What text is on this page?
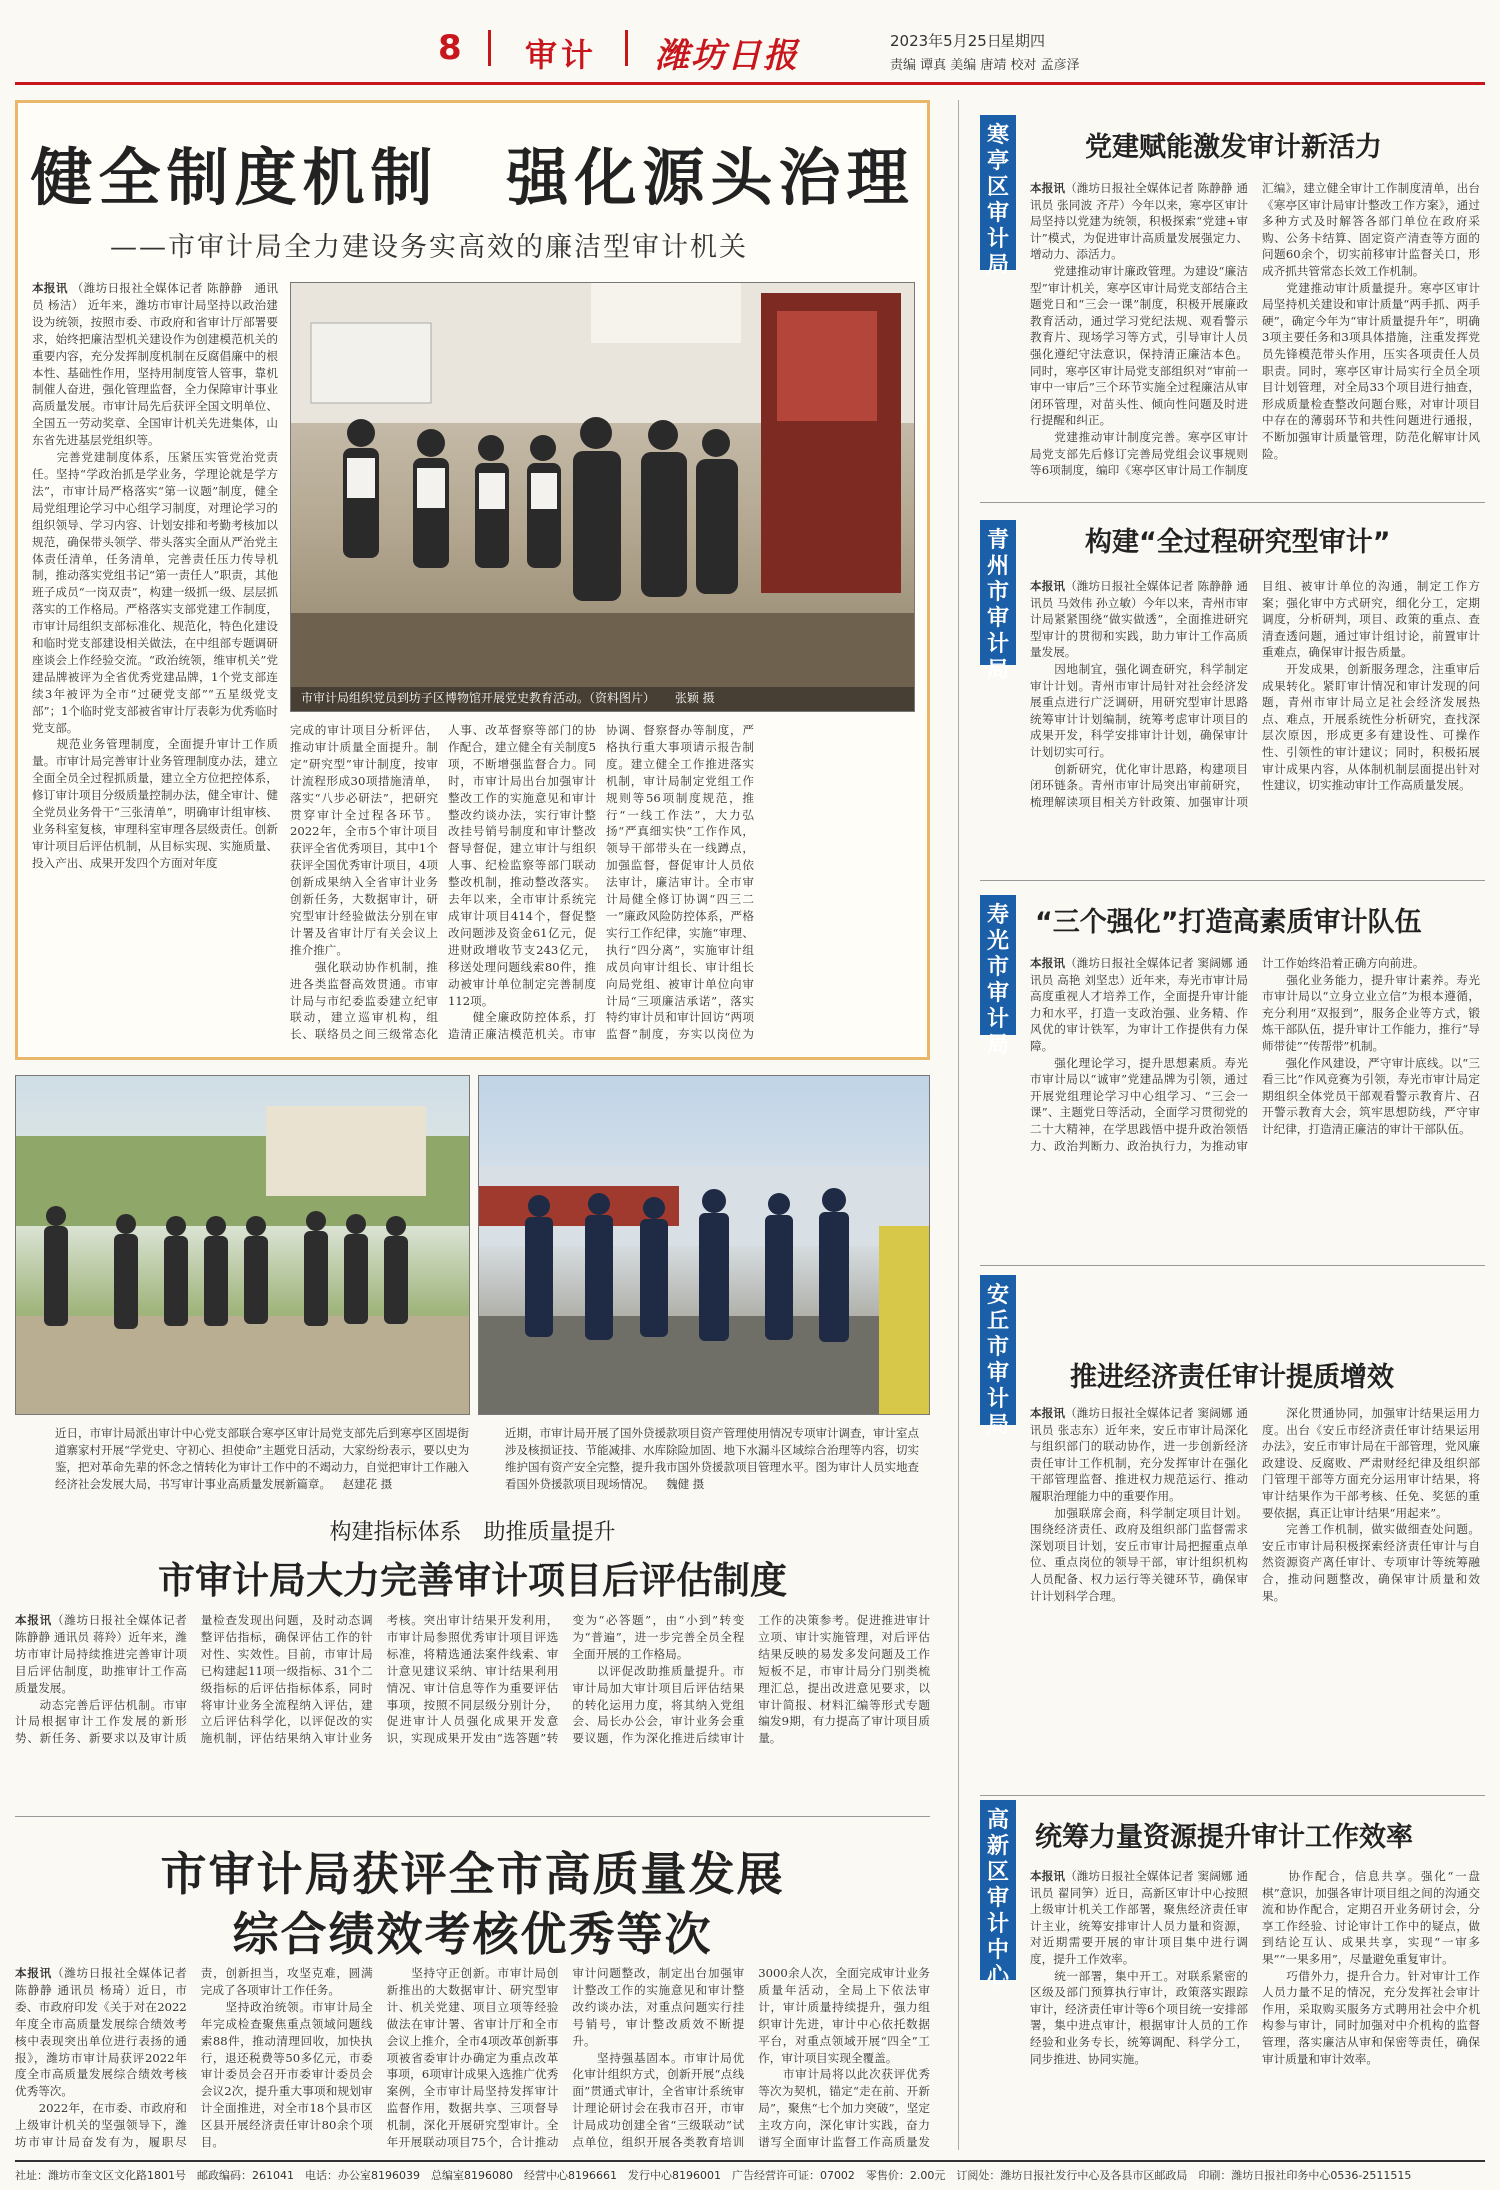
8 审计 潍坊日报	2023年5月25日
星期四
责编 谭真 美编 唐靖 校对 孟彦泽
健全制度机制　强化源头治理
——市审计局全力建设务实高效的廉洁型审计机关
本报讯 （潍坊日报社全媒体记者 陈静静　通讯员 杨洁） 近年来，潍坊市审计局坚持以政治建设为统领，按照市委、市政府和省审计厅部署要求，始终把廉洁型机关建设作为创建模范机关的重要内容，充分发挥制度机制在反腐倡廉中的根本性、基础性作用，坚持用制度管人管事，靠机制催人奋进，强化管理监督，全力保障审计事业高质量发展。市审计局先后获评全国文明单位、全国五一劳动奖章、全国审计机关先进集体，山东省先进基层党组织等。
　　完善党建制度体系，压紧压实管党治党责任。坚持“学政治抓是学业务，学理论就是学方法”，市审计局严格落实“第一议题”制度，健全局党组理论学习中心组学习制度，对理论学习的组织领导、学习内容、计划安排和考勤考核加以规范，确保带头领学、带头落实全面从严治党主体责任清单，任务清单，完善责任压力传导机制，推动落实党组书记“第一责任人”职责，其他班子成员“一岗双责”，构建一级抓一级、层层抓落实的工作格局。严格落实支部党建工作制度，市审计局组织支部标准化、规范化，特色化建设和临时党支部建设相关做法，在中组部专题调研座谈会上作经验交流。“政治统领，维审机关”党建品牌被评为全省优秀党建品牌，1个党支部连续3年被评为全市“过硬党支部”“五星级党支部”；1个临时党支部被省审计厅表彰为优秀临时党支部。
　　规范业务管理制度，全面提升审计工作质量。市审计局完善审计业务管理制度办法，建立全面全员全过程抓质量，建立全方位把控体系，修订审计项目分级质量控制办法，健全审计、健全党员业务骨干“三张清单”，明确审计组审核、业务科室复核，审理科室审理各层级责任。创新审计项目后评估机制，从目标实现、实施质量、投入产出、成果开发四个方面对年度
市审计局组织党员到坊子区博物馆开展党史教育活动。（资料图片） 张颖 摄
完成的审计项目分析评估，推动审计质量全面提升。制定“研究型”审计制度，按审计流程形成30项措施清单，落实“八步必研法”，把研究贯穿审计全过程各环节。2022年，全市5个审计项目获评全省优秀项目，其中1个获评全国优秀审计项目，4项创新成果纳入全省审计业务创新任务，大数据审计，研究型审计经验做法分别在审计署及省审计厅有关会议上推介推广。
　　强化联动协作机制，推进各类监督高效贯通。市审计局与市纪委监委建立纪审联动，建立巡审机构，组长、联络员之间三级常态化
人事、改革督察等部门的协作配合，建立健全有关制度5项，不断增强监督合力。同时，市审计局出台加强审计整改工作的实施意见和审计整改约谈办法，实行审计整改挂号销号制度和审计整改督导督促，建立审计与组织人事、纪检监察等部门联动整改机制，推动整改落实。去年以来，全市审计系统完成审计项目414个，督促整改问题涉及资金61亿元，促进财政增收节支243亿元，移送处理问题线索80件，推动被审计单位制定完善制度112项。
　　健全廉政防控体系，打造清正廉洁模范机关。市审
协调、督察督办等制度，严格执行重大事项请示报告制度。建立健全工作推进落实机制，审计局制定党组工作规则等56项制度规范，推行“一线工作法”，大力弘扬“严真细实快”工作作风，领导干部带头在一线蹲点，加强监督，督促审计人员依法审计，廉洁审计。全市审计局健全修订协调“四三二一”廉政风险防控体系，严格实行工作纪律，实施“审理、执行“四分离”，实施审计组成员向审计组长、审计组长向局党组、被审计单位向审计局“三项廉洁承诺”，落实特约审计员和审计回访“两项监督”制度，夯实以岗位为
近日，市审计局派出审计中心党支部联合寒亭区审计局党支部先后到寒亭区固堤街道寨家村开展“学党史、守初心、担使命”主题党日活动，大家纷纷表示，要以史为鉴，把对革命先辈的怀念之情转化为审计工作中的不竭动力，自觉把审计工作融入经济社会发展大局，书写审计事业高质量发展新篇章。 赵建花 摄
近期，市审计局开展了国外贷援款项目资产管理使用情况专项审计调查，审计室点涉及核损证技、节能减排、水库除险加固、地下水漏斗区域综合治理等内容，切实维护国有资产安全完整，提升我市国外贷援款项目管理水平。图为审计人员实地查看国外贷援款项目现场情况。 魏健 摄
构建指标体系　助推质量提升
市审计局大力完善审计项目后评估制度
本报讯（潍坊日报社全媒体记者 陈静静 通讯员 蒋羚）近年来，潍坊市审计局持续推进完善审计项目后评估制度，助推审计工作高质量发展。
　　动态完善后评估机制。市审计局根据审计工作发展的新形势、新任务、新要求以及审计质量检查发现出问题，及时动态调整评估指标，确保评估工作的针对性、实效性。目前，市审计局已构建起11项一级指标、31个二级指标的后评估指标体系，同时将审计业务全流程纳入评估，建立后评估科学化，以评促改的实施机制，评估结果纳入审计业务考核。突出审计结果开发利用，市审计局参照优秀审计项目评选标准，将精选通法案件线索、审计意见建议采纳、审计结果利用情况、审计信息等作为重要评估事项，按照不同层级分别计分，促进审计人员强化成果开发意识，实现成果开发由“选答题”转变为“必答题”，由“小到”转变为“普遍”，进一步完善全员全程全面开展的工作格局。
　　以评促改助推质量提升。市审计局加大审计项目后评估结果的转化运用力度，将其纳入党组会、局长办公会，审计业务会重要议题，作为深化推进后续审计工作的决策参考。促进推进审计立项、审计实施管理，对后评估结果反映的易发多发问题及工作短板不足，市审计局分门别类梳理汇总，提出改进意见要求，以审计简报、材料汇编等形式专题编发9期，有力提高了审计项目质量。
市审计局获评全市高质量发展
综合绩效考核优秀等次
本报讯（潍坊日报社全媒体记者 陈静静 通讯员 杨琦）近日，市委、市政府印发《关于对在2022年度全市高质量发展综合绩效考核中表现突出单位进行表扬的通报》，潍坊市审计局获评2022年度全市高质量发展综合绩效考核优秀等次。
　　2022年，在市委、市政府和上级审计机关的坚强领导下，潍坊市审计局奋发有为，履职尽责，创新担当，攻坚克难，圆满完成了各项审计工作任务。
　　坚持政治统领。市审计局全年完成检查聚焦重点领域问题线索88件，推动清理回收，加快执行，退还税费等50多亿元，市委审计委员会召开市委审计委员会会议2次，提升重大事项和规划审计全面推进，对全市18个县市区区县开展经济责任审计80余个项目。
　　坚持守正创新。市审计局创新推出的大数据审计、研究型审计、机关党建、项目立项等经验做法在审计署、省审计厅和全市会议上推介，全市4项改革创新事项被省委审计办确定为重点改革事项，6项审计成果入选推广优秀案例，全市审计局坚持发挥审计监督作用，数据共享、三项督导机制，深化开展研究型审计。全年开展联动项目75个，合计推动审计问题整改，制定出台加强审计整改工作的实施意见和审计整改约谈办法，对重点问题实行挂号销号，审计整改质效不断提升。
　　坚持强基固本。市审计局优化审计组织方式，创新开展“点线面”贯通式审计，全省审计系统审计理论研讨会在我市召开，市审计局成功创建全省“三级联动”试点单位，组织开展各类教育培训3000余人次，全面完成审计业务质量年活动，全局上下依法审计，审计质量持续提升，强力组织审计先进，审计中心依托数据平台，对重点领域开展“四全”工作，审计项目实现全覆盖。
　　市审计局将以此次获评优秀等次为契机，锚定“走在前、开新局”，聚焦“七个加力突破”，坚定主攻方向，深化审计实践，奋力谱写全面审计监督工作高质量发
寒亭区审计局
党建赋能激发审计新活力
本报讯（潍坊日报社全媒体记者 陈静静 通讯员 张同波 齐芹）今年以来，寒亭区审计局坚持以党建为统领，积极探索“党建+审计”模式，为促进审计高质量发展强定力、增动力、添活力。
　　党建推动审计廉政管理。为建设“廉洁型”审计机关，寒亭区审计局党支部结合主题党日和“三会一课”制度，积极开展廉政教育活动，通过学习党纪法规、观看警示教育片、现场学习等方式，引导审计人员强化遵纪守法意识，保持清正廉洁本色。同时，寒亭区审计局党支部组织对“审前一审中一审后”三个环节实施全过程廉洁从审闭环管理，对苗头性、倾向性问题及时进行提醒和纠正。
　　党建推动审计制度完善。寒亭区审计局党支部先后修订完善局党组会议事规则等6项制度，编印《寒亭区审计局工作制度汇编》，建立健全审计工作制度清单，出台《寒亭区审计局审计整改工作方案》，通过多种方式及时解答各部门单位在政府采购、公务卡结算、固定资产清查等方面的问题60余个，切实前移审计监督关口，形成齐抓共管常态长效工作机制。
　　党建推动审计质量提升。寒亭区审计局坚持机关建设和审计质量“两手抓、两手硬”，确定今年为“审计质量提升年”，明确3项主要任务和3项具体措施，注重发挥党员先锋模范带头作用，压实各项责任人员职责。同时，寒亭区审计局实行全员全项目计划管理，对全局33个项目进行抽查，形成质量检查整改问题台账，对审计项目中存在的薄弱环节和共性问题进行通报，不断加强审计质量管理，防范化解审计风险。
青州市审计局
构建“全过程研究型审计”
本报讯（潍坊日报社全媒体记者 陈静静 通讯员 马效伟 孙立敏）今年以来，青州市审计局紧紧围绕“做实做透”，全面推进研究型审计的贯彻和实践，助力审计工作高质量发展。
　　因地制宜，强化调查研究，科学制定审计计划。青州市审计局针对社会经济发展重点进行广泛调研，用研究型审计思路统筹审计计划编制，统筹考虑审计项目的成果开发，科学安排审计计划，确保审计计划切实可行。
　　创新研究，优化审计思路，构建项目闭环链条。青州市审计局突出审前研究，梳理解读项目相关方针政策、加强审计项目组、被审计单位的沟通，制定工作方案；强化审中方式研究，细化分工，定期调度，分析研判，项目、政策的重点、查清查透问题，通过审计组讨论，前置审计重难点，确保审计报告质量。
　　开发成果，创新服务理念，注重审后成果转化。紧盯审计情况和审计发现的问题，青州市审计局立足社会经济发展热点、难点，开展系统性分析研究，查找深层次原因，形成更多有建设性、可操作性、引领性的审计建议；同时，积极拓展审计成果内容，从体制机制层面提出针对性建议，切实推动审计工作高质量发展。
寿光市审计局
“三个强化”打造高素质审计队伍
本报讯（潍坊日报社全媒体记者 窦阔娜 通讯员 高艳 刘坚忠）近年来，寿光市审计局高度重视人才培养工作，全面提升审计能力和水平，打造一支政治强、业务精、作风优的审计铁军，为审计工作提供有力保障。
　　强化理论学习，提升思想素质。寿光市审计局以“诚审”党建品牌为引领，通过开展党组理论学习中心组学习、“三会一课”、主题党日等活动，全面学习贯彻党的二十大精神，在学思践悟中提升政治领悟力、政治判断力、政治执行力，为推动审计工作始终沿着正确方向前进。
　　强化业务能力，提升审计素养。寿光市审计局以“立身立业立信”为根本遵循，充分利用“双报到”，服务企业等方式，锻炼干部队伍，提升审计工作能力，推行“导师带徒”“传帮带”机制。
　　强化作风建设，严守审计底线。以“三看三比”作风竞赛为引领，寿光市审计局定期组织全体党员干部观看警示教育片、召开警示教育大会，筑牢思想防线，严守审计纪律，打造清正廉洁的审计干部队伍。
安丘市审计局
推进经济责任审计提质增效
本报讯（潍坊日报社全媒体记者 窦阔娜 通讯员 张志东）近年来，安丘市审计局深化与组织部门的联动协作，进一步创新经济责任审计工作机制，充分发挥审计在强化干部管理监督、推进权力规范运行、推动履职治理能力中的重要作用。
　　加强联席会商，科学制定项目计划。围绕经济责任、政府及组织部门监督需求深划项目计划，安丘市审计局把握重点单位、重点岗位的领导干部，审计组织机构人员配备、权力运行等关键环节，确保审计计划科学合理。
　　深化贯通协同，加强审计结果运用力度。出台《安丘市经济责任审计结果运用办法》，安丘市审计局在干部管理，党风廉政建设、反腐败、严肃财经纪律及组织部门管理干部等方面充分运用审计结果，将审计结果作为干部考核、任免、奖惩的重要依据，真正让审计结果“用起来”。
　　完善工作机制，做实做细查处问题。安丘市审计局积极探索经济责任审计与自然资源资产离任审计、专项审计等统筹融合，推动问题整改，确保审计质量和效果。
高新区审计中心
统筹力量资源提升审计工作效率
本报讯（潍坊日报社全媒体记者 窦阔娜 通讯员 翟同笋）近日，高新区审计中心按照上级审计机关工作部署，聚焦经济责任审计主业，统筹安排审计人员力量和资源，对近期需要开展的审计项目集中进行调度，提升工作效率。
　　统一部署，集中开工。对联系紧密的区级及部门预算执行审计，政策落实跟踪审计，经济责任审计等6个项目统一安排部署，集中进点审计，根据审计人员的工作经验和业务专长，统筹调配、科学分工，同步推进、协同实施。
　　协作配合，信息共享。强化“一盘棋”意识，加强各审计项目组之间的沟通交流和协作配合，定期召开业务研讨会，分享工作经验、讨论审计工作中的疑点，做到结论互认、成果共享，实现“一审多果”“一果多用”，尽量避免重复审计。
　　巧借外力，提升合力。针对审计工作人员力量不足的情况，充分发挥社会审计作用，采取购买服务方式聘用社会中介机构参与审计，同时加强对中介机构的监督管理，落实廉洁从审和保密等责任，确保审计质量和审计效率。
社址：潍坊市奎文区文化路1801号　邮政编码：261041　电话：办公室8196039　总编室8196080　经营中心8196661　发行中心8196001　广告经营许可证：07002　零售价：2.00元　订阅处：潍坊日报社发行中心及各县市区邮政局　印刷：潍坊日报社印务中心0536-2511515
